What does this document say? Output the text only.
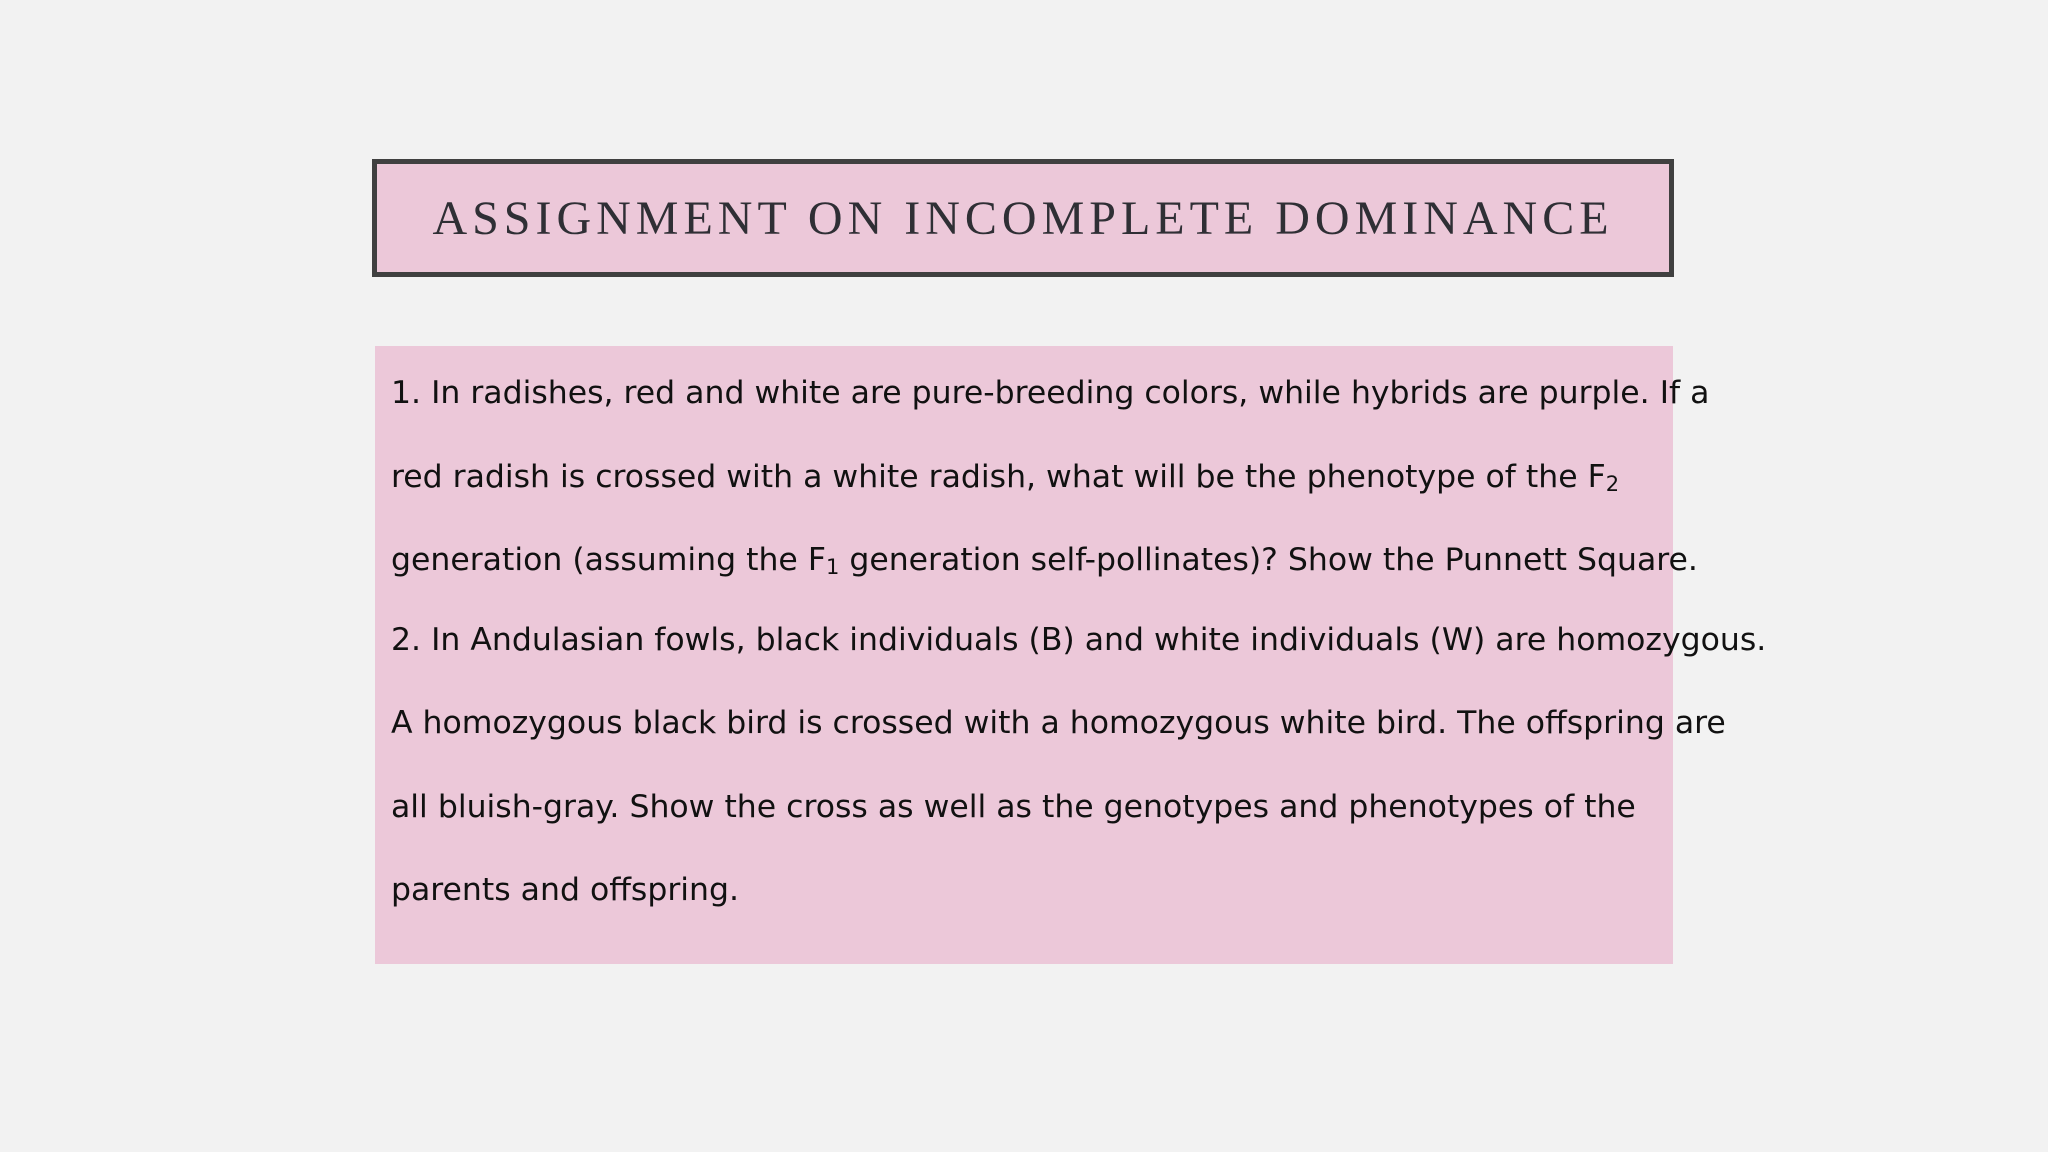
ASSIGNMENT ON INCOMPLETE DOMINANCE

1. In radishes, red and white are pure-breeding colors, while hybrids are purple. If a
red radish is crossed with a white radish, what will be the phenotype of the $F_2$
generation (assuming the $F_1$ generation self-pollinates)? Show the Punnett Square.

2. In Andulasian fowls, black individuals (B) and white individuals (W) are homozygous.
A homozygous black bird is crossed with a homozygous white bird. The offspring are
all bluish-gray. Show the cross as well as the genotypes and phenotypes of the
parents and offspring.
